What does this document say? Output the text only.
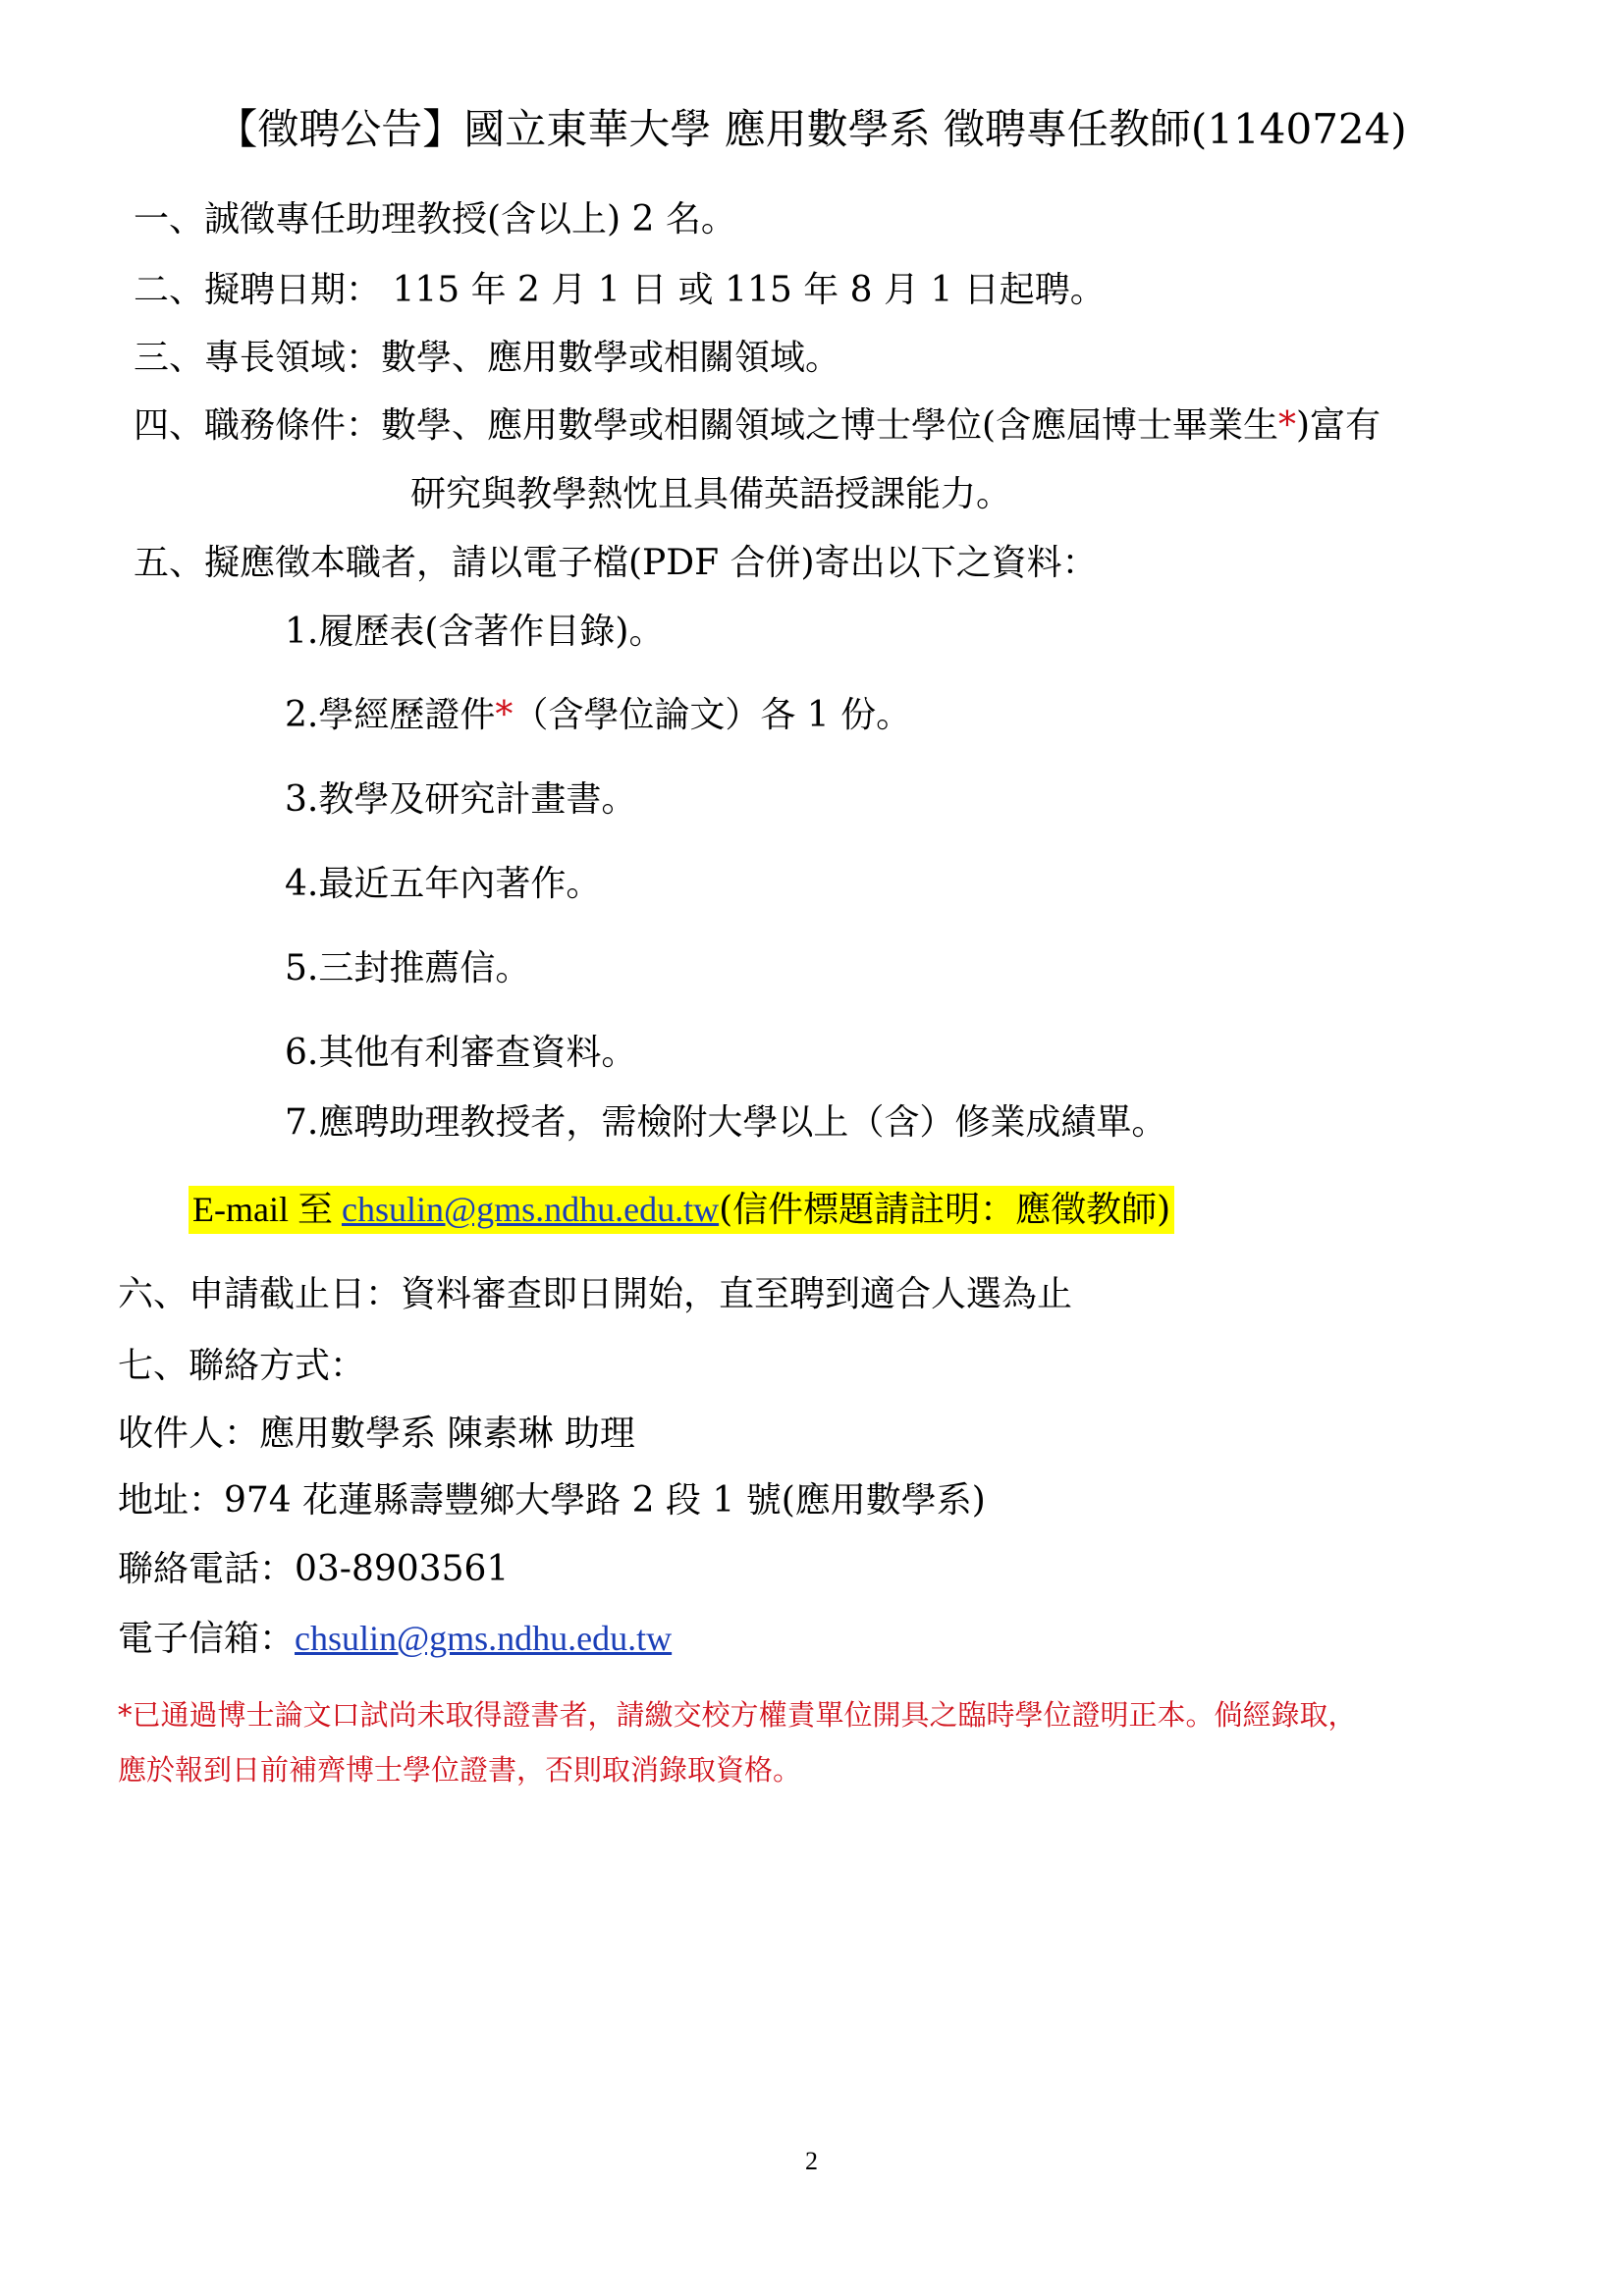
【徵聘公告】國立東華大學 應用數學系 徵聘專任教師(1140724)
一、誠徵專任助理教授(含以上) 2 名。
二、擬聘日期： 115 年 2 月 1 日 或 115 年 8 月 1 日起聘。
三、專長領域：數學、應用數學或相關領域。
四、職務條件：數學、應用數學或相關領域之博士學位(含應屆博士畢業生*)富有
研究與教學熱忱且具備英語授課能力。
五、擬應徵本職者，請以電子檔(PDF 合併)寄出以下之資料：
1.履歷表(含著作目錄)。
2.學經歷證件*（含學位論文）各 1 份。
3.教學及研究計畫書。
4.最近五年內著作。
5.三封推薦信。
6.其他有利審查資料。
7.應聘助理教授者，需檢附大學以上（含）修業成績單。
E-mail 至 chsulin@gms.ndhu.edu.tw(信件標題請註明：應徵教師)
六、申請截止日：資料審查即日開始，直至聘到適合人選為止
七、聯絡方式：
收件人：應用數學系 陳素琳 助理
地址：974 花蓮縣壽豐鄉大學路 2 段 1 號(應用數學系)
聯絡電話：03-8903561
電子信箱：chsulin@gms.ndhu.edu.tw
*已通過博士論文口試尚未取得證書者，請繳交校方權責單位開具之臨時學位證明正本。倘經錄取，
應於報到日前補齊博士學位證書，否則取消錄取資格。
2
